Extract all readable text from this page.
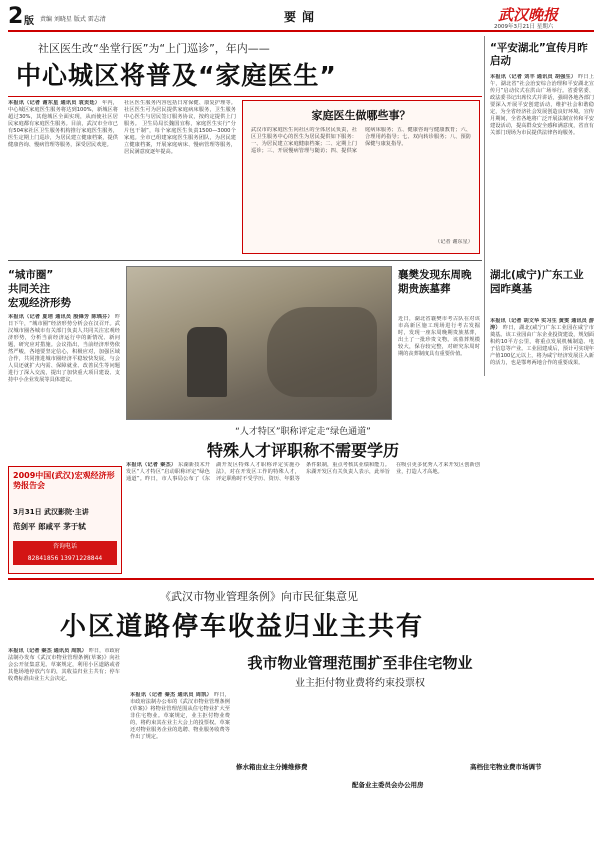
2 版 责编 刘晓星 版式 雷志清	要闻	武汉晚报
2009年3月21日 星期六
社区医生改“坐堂行医”为“上门巡诊”，年内——
中心城区将普及“家庭医生”
本报讯（记者 谢东星 通讯员 袁贡廷） 年内，中心城区家庭医生服务将达到100%，新城区将超过30%，其他城区全面实现，从而使社区居民家庭都有家庭医生服务。目前，武汉市全市已有504家社区卫生服务机构推行家庭医生服务，医生定期上门巡诊，为居民建立健康档案，提供健康咨询、慢病管理等服务，深受居民欢迎。
社区医生服务内容包括日常保健、康复护理等。社区医生可为居民提供家庭病床服务，卫生服务中心医生与居民签订服务协议，按约定提供上门服务。 卫生局局长魏国宜称，家庭医生实行“分片包干制”，每个家庭医生负责1500—3000个家庭。全市已组建家庭医生服务团队，为居民建立健康档案，开展家庭病床、慢病管理等服务，居民满意度逐年提高。
家庭医生做哪些事？
武汉市的家庭医生向社区的全体居民负责，社区卫生服务中心的医生为居民提供如下服务：一、为居民建立家庭健康档案；二、定期上门巡诊；三、开展慢病管理与随访；四、提供家庭病床服务；五、健康咨询与健康教育；六、合理用药指导；七、双向转诊服务；八、预防保健与康复指导。
（记者 谢东星）
“平安湖北”宣传月昨启动
本报讯（记者 刘丰 通讯员 胡强生） 昨日上午，湖北省“社会治安综合治理和平安湖北宣传月”启动仪式在洪山广场举行。省委常委、政法委书记出席仪式并讲话，强调各地各部门要深入开展平安创建活动，维护社会和谐稳定，为全省经济社会发展创造良好环境。宣传月期间，全省各地将广泛开展法制宣传和平安建设活动，提高群众安全感和满意度，省直有关部门现场为市民提供法律咨询服务。
“城市圈”
共同关注
宏观经济形势
本报讯（记者 夏培 通讯员 殷锋芳 陈瑀芬） 昨日下午，“城市圈”经济形势分析会在汉召开。武汉城市圈各城市有关部门负责人共同关注宏观经济形势，分析当前经济运行中的新情况、新问题，研究应对措施。会议指出，当前经济形势依然严峻，各地要坚定信心，积极应对，加强区域合作，共同推进城市圈经济平稳较快发展。与会人员还就扩大内需、保障就业、改善民生等问题进行了深入交流，提出了加快重大项目建设、支持中小企业发展等具体建议。
2009中国(武汉)宏观经济形势报告会
3月31日 武汉影院·主讲
范剑平 郎咸平 茅于轼
咨询电话
82841856 13971228844
襄樊发现东周晚期贵族墓葬
近日，湖北省襄樊市考古队在对该市高新区施工现场进行考古发掘时，发现一座东周晚期贵族墓葬，出土了一批珍贵文物。该墓葬规模较大，保存较完整，对研究东周时期的丧葬制度具有重要价值。
湖北(咸宁)广东工业园昨奠基
本报讯（记者 胡文华 实习生 黄雯 通讯员 游涛） 昨日，湖北(咸宁)广东工业园在咸宁市奠基。该工业园由广东企业投资建设，规划面积约10平方公里，将重点发展机械制造、电子信息等产业。工业园建成后，预计可实现年产值100亿元以上，将为咸宁经济发展注入新的活力，也是鄂粤两地合作的重要成果。
“人才特区”职称评定走“绿色通道”
特殊人才评职称不需要学历
本报讯（记者 秦杰） 东湖新技术开发区“人才特区”启动职称评定“绿色通道”。昨日，市人事局公布了《东湖开发区特殊人才职称评定实施办法》，对在开发区工作的特殊人才，评定职称时不受学历、资历、年限等条件限制，重点考核其业绩和能力。东湖开发区有关负责人表示，此举旨在吸引更多优秀人才来开发区创新创业，打造人才高地。
《武汉市物业管理条例》向市民征集意见
小区道路停车收益归业主共有
本报讯（记者 秦杰 通讯员 周凯） 昨日，市政府法制办发布《武汉市物业管理条例(草案)》向社会公开征集意见。草案规定，利用小区道路或者其他场地停放汽车的，其收益归业主共有；停车收费标准由业主大会决定。
我市物业管理范围扩至非住宅物业
业主拒付物业费将约束投票权
本报讯（记者 秦杰 通讯员 周凯） 昨日，市政府法制办公布的《武汉市物业管理条例(草案)》将物业管理范围从住宅物业扩大至非住宅物业。草案规定，业主拒付物业费的，将约束其在业主大会上的投票权。草案还对物业服务企业的选聘、物业服务收费等作出了规定。
修水箱由业主分摊维修费
配备业主委员会办公用房
高档住宅物业费市场调节
